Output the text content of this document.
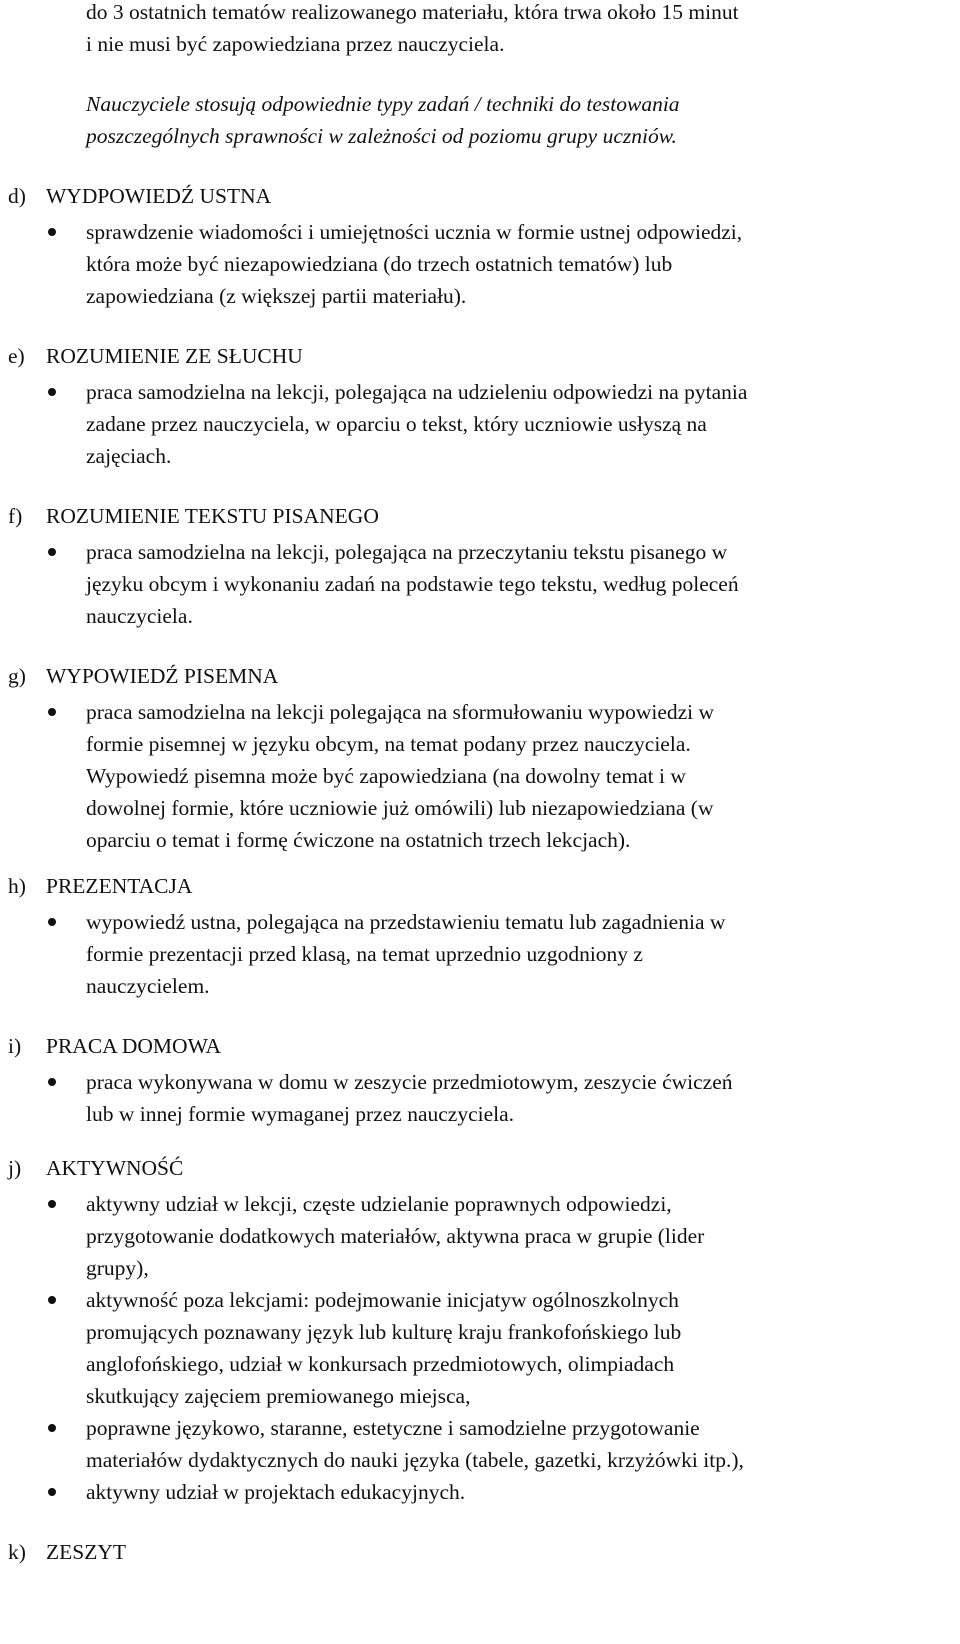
do 3 ostatnich tematów realizowanego materiału, która trwa około 15 minut
i nie musi być zapowiedziana przez nauczyciela.
Nauczyciele stosują odpowiednie typy zadań / techniki do testowania
poszczególnych sprawności w zależności od poziomu grupy uczniów.
d) WYDPOWIEDŹ USTNA
sprawdzenie wiadomości i umiejętności ucznia w formie ustnej odpowiedzi,
która może być niezapowiedziana (do trzech ostatnich tematów) lub
zapowiedziana (z większej partii materiału).
e) ROZUMIENIE ZE SŁUCHU
praca samodzielna na lekcji, polegająca na udzieleniu odpowiedzi na pytania
zadane przez nauczyciela, w oparciu o tekst, który uczniowie usłyszą na
zajęciach.
f) ROZUMIENIE TEKSTU PISANEGO
praca samodzielna na lekcji, polegająca na przeczytaniu tekstu pisanego w
języku obcym i wykonaniu zadań na podstawie tego tekstu, według poleceń
nauczyciela.
g) WYPOWIEDŹ PISEMNA
praca samodzielna na lekcji polegająca na sformułowaniu wypowiedzi w
formie pisemnej w języku obcym, na temat podany przez nauczyciela.
Wypowiedź pisemna może być zapowiedziana (na dowolny temat i w
dowolnej formie, które uczniowie już omówili) lub niezapowiedziana (w
oparciu o temat i formę ćwiczone na ostatnich trzech lekcjach).
h) PREZENTACJA
wypowiedź ustna, polegająca na przedstawieniu tematu lub zagadnienia w
formie prezentacji przed klasą, na temat uprzednio uzgodniony z
nauczycielem.
i) PRACA DOMOWA
praca wykonywana w domu w zeszycie przedmiotowym, zeszycie ćwiczeń
lub w innej formie wymaganej przez nauczyciela.
j) AKTYWNOŚĆ
aktywny udział w lekcji, częste udzielanie poprawnych odpowiedzi,
przygotowanie dodatkowych materiałów, aktywna praca w grupie (lider
grupy),
aktywność poza lekcjami: podejmowanie inicjatyw ogólnoszkolnych
promujących poznawany język lub kulturę kraju frankofońskiego lub
anglofońskiego, udział w konkursach przedmiotowych, olimpiadach
skutkujący zajęciem premiowanego miejsca,
poprawne językowo, staranne, estetyczne i samodzielne przygotowanie
materiałów dydaktycznych do nauki języka (tabele, gazetki, krzyżówki itp.),
aktywny udział w projektach edukacyjnych.
k) ZESZYT
